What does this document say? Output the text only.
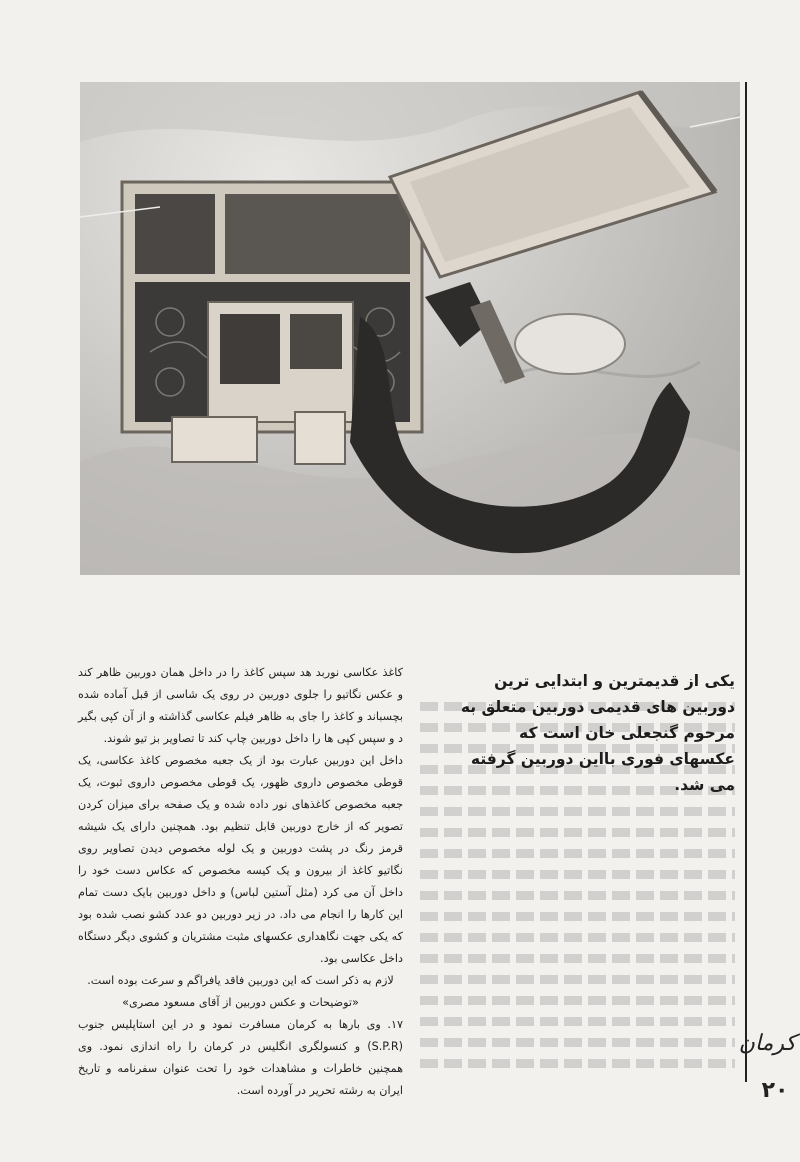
یکی از قدیمترین و ابتدایی ترین دوربین های قدیمی دوربین متعلق به مرحوم گنجعلی خان است که عکسهای فوری بااین دوربین گرفته می شد.

کاغذ عکاسی نوربد هد سپس کاغذ را در داخل همان دوربین ظاهر کند و عکس نگاتیو را جلوی دوربین در روی یک شاسی از قبل آماده شده بچسباند و کاغذ را جای به ظاهر فیلم عکاسی گذاشته و از آن کپی بگیر د و سپس کپی ها را داخل دوربین چاپ کند تا تصاویر بز تیو شوند.

داخل این دوربین عبارت بود از یک جعبه مخصوص کاغذ عکاسی، یک قوطی مخصوص داروی ظهور، یک قوطی مخصوص داروی ثبوت، یک جعبه مخصوص کاغذهای نور داده شده و یک صفحه برای میزان کردن تصویر که از خارج دوربین قابل تنظیم بود. همچنین دارای یک شیشه قرمز رنگ در پشت دوربین و یک لوله مخصوص دیدن تصاویر روی نگاتیو کاغذ از بیرون و یک کیسه مخصوص که عکاس دست خود را داخل آن می کرد (مثل آستین لباس) و داخل دوربین بایک دست تمام این کارها را انجام می داد. در زیر دوربین دو عدد کشو نصب شده بود که یکی جهت نگاهداری عکسهای مثبت مشتریان و کشوی دیگر دستگاه داخل عکاسی بود.

لازم به ذکر است که این دوربین فاقد یافراگم و سرعت بوده است.

«توضیحات و عکس دوربین از آقای مسعود مصری»

۱۷. وی بارها به کرمان مسافرت نمود و در این استاپلیس جنوب (S.P.R) و کنسولگری انگلیس در کرمان را راه اندازی نمود. وی همچنین خاطرات و مشاهدات خود را تحت عنوان سفرنامه و تاریخ ایران به رشته تحریر در آورده است.

کرمان
۲۰
